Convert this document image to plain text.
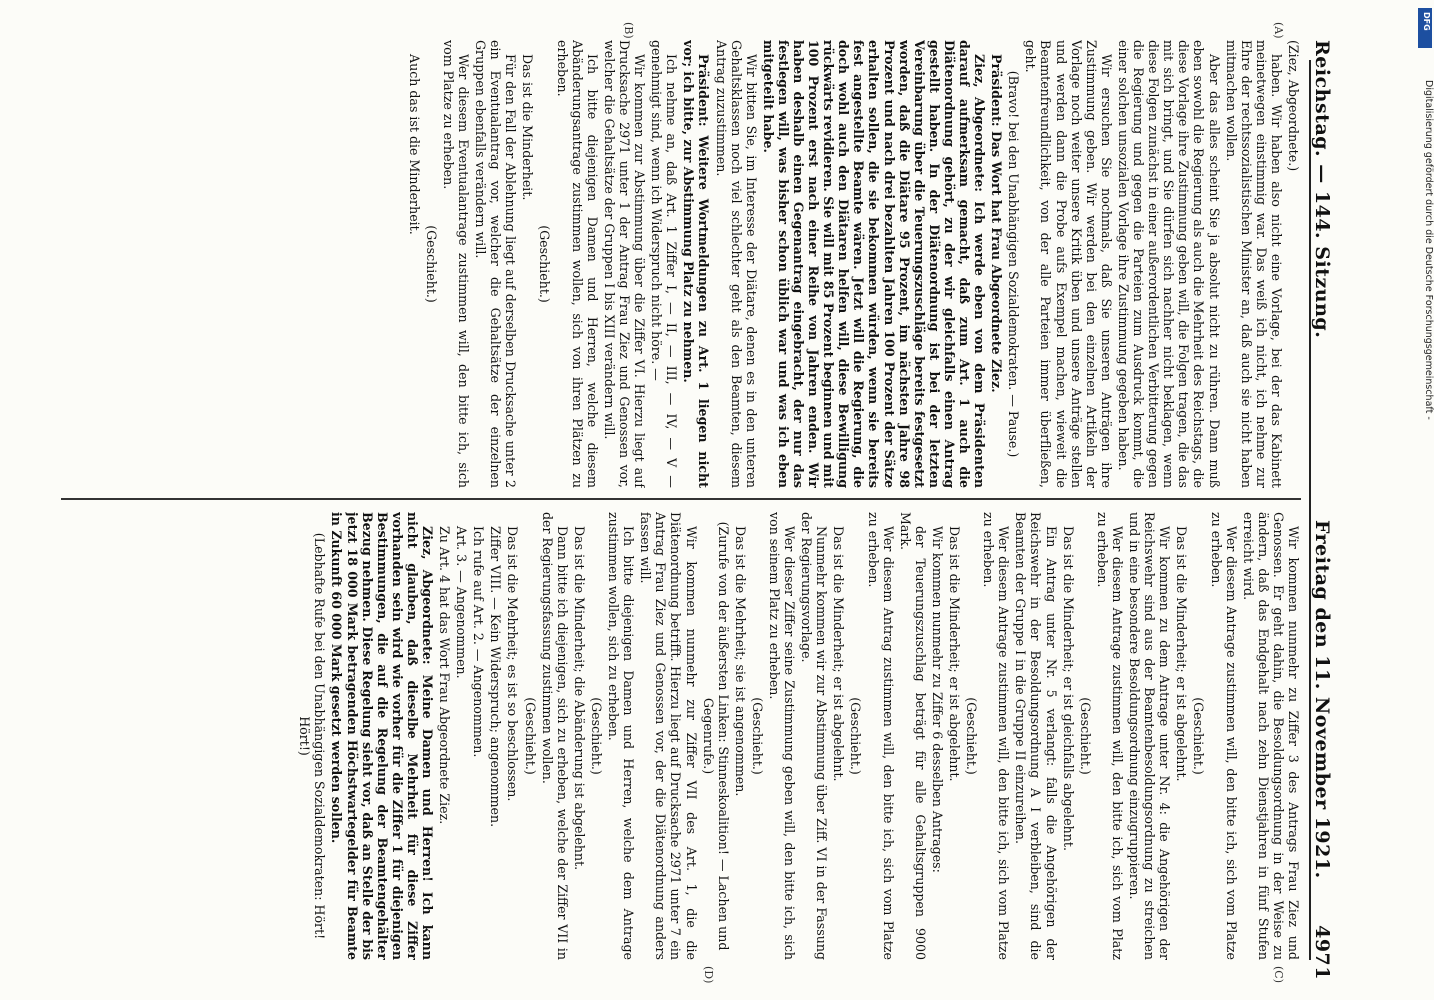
Reichstag. — 144. Sitzung.
Freitag den 11. November 1921.
4971
(A)
(B)
(C)
(D)

(Ziez, Abgeordnete.)

haben. Wir haben also nicht eine Vorlage, bei der das Kabinett meinetwegen einstimmig war. Das weiß ich nicht, ich nehme zur Ehre der rechtssozialistischen Minister an, daß auch sie nicht haben mitmachen wollen.

Aber das alles scheint Sie ja absolut nicht zu rühren. Dann muß eben sowohl die Regierung als auch die Mehrheit des Reichstags, die diese Vorlage ihre Zustimmung geben will, die Folgen tragen, die das mit sich bringt, und Sie dürfen sich nachher nicht beklagen, wenn diese Folgen zunächst in einer außerordentlichen Verbitterung gegen die Regierung und gegen die Parteien zum Ausdruck kommt, die einer solchen unsozialen Vorlage ihre Zustimmung gegeben haben.

Wir ersuchen Sie nochmals, daß Sie unseren Anträgen ihre Zustimmung geben. Wir werden bei den einzelnen Artikeln der Vorlage noch weiter unsere Kritik üben und unsere Anträge stellen und werden dann die Probe aufs Exempel machen, wieweit die Beamtenfreundlichkeit, von der alle Parteien immer überfließen, geht.

(Bravo! bei den Unabhängigen Sozialdemokraten. — Pause.)

Präsident: Das Wort hat Frau Abgeordnete Ziez.

Ziez, Abgeordnete: Ich werde eben von dem Präsidenten darauf aufmerksam gemacht, daß zum Art. 1 auch die Diätenordnung gehört, zu der wir gleichfalls einen Antrag gestellt haben. In der Diätenordnung ist bei der letzten Vereinbarung über die Teuerungszuschläge bereits festgesetzt worden, daß die Diätare 95 Prozent, im nächsten Jahre 98 Prozent und nach drei bezahlten Jahren 100 Prozent der Sätze erhalten sollen, die sie bekommen würden, wenn sie bereits fest angestellte Beamte wären. Jetzt will die Regierung, die doch wohl auch den Diätaren helfen will, diese Bewilligung rückwärts revidieren. Sie will mit 85 Prozent beginnen und mit 100 Prozent erst nach einer Reihe von Jahren enden. Wir haben deshalb einen Gegenantrag eingebracht, der nur das festlegen will, was bisher schon üblich war und was ich eben mitgeteilt habe.

Wir bitten Sie, im Interesse der Diätare, denen es in den unteren Gehaltsklassen noch viel schlechter geht als den Beamten, diesem Antrag zuzustimmen.

Präsident: Weitere Wortmeldungen zu Art. 1 liegen nicht vor; ich bitte, zur Abstimmung Platz zu nehmen.

Ich nehme an, daß Art. 1 Ziffer I, — II, — III, — IV, — V — genehmigt sind, wenn ich Widerspruch nicht höre. —

Wir kommen zur Abstimmung über die Ziffer VI. Hierzu liegt auf Drucksache 2971 unter 1 der Antrag Frau Ziez und Genossen vor, welcher die Gehaltsätze der Gruppen I bis XIII verändern will.

Ich bitte diejenigen Damen und Herren, welche diesem Abänderungsantrage zustimmen wollen, sich von ihren Plätzen zu erheben.

(Geschieht.)

Das ist die Minderheit.

Für den Fall der Ablehnung liegt auf derselben Drucksache unter 2 ein Eventualantrag vor, welcher die Gehaltsätze der einzelnen Gruppen ebenfalls verändern will.

Wer diesem Eventualantrage zustimmen will, den bitte ich, sich vom Platze zu erheben.

(Geschieht.)

Auch das ist die Minderheit.

Wir kommen nunmehr zu Ziffer 3 des Antrags Frau Ziez und Genossen. Er geht dahin, die Besoldungsordnung in der Weise zu ändern, daß das Endgehalt nach zehn Dienstjahren in fünf Stufen erreicht wird.

Wer diesem Antrage zustimmen will, den bitte ich, sich vom Platze zu erheben.

(Geschieht.)

Das ist die Minderheit; er ist abgelehnt.

Wir kommen zu dem Antrage unter Nr. 4: die Angehörigen der Reichswehr sind aus der Beamtenbesoldungsordnung zu streichen und in eine besondere Besoldungsordnung einzugruppieren.

Wer diesem Antrage zustimmen will, den bitte ich, sich vom Platz zu erheben.

(Geschieht.)

Das ist die Minderheit; er ist gleichfalls abgelehnt.

Ein Antrag unter Nr. 5 verlangt: falls die Angehörigen der Reichswehr in der Besoldungsordnung A I verbleiben, sind die Beamten der Gruppe I in die Gruppe II einzureihen.

Wer diesem Antrage zustimmen will, den bitte ich, sich vom Platze zu erheben.

(Geschieht.)

Das ist die Minderheit; er ist abgelehnt.

Wir kommen nunmehr zu Ziffer 6 desselben Antrages:

der Teuerungszuschlag beträgt für alle Gehaltsgruppen 9000 Mark.

Wer diesem Antrag zustimmen will, den bitte ich, sich vom Platze zu erheben.

(Geschieht.)

Das ist die Minderheit; er ist abgelehnt.

Nunmehr kommen wir zur Abstimmung über Ziff. VI in der Fassung der Regierungsvorlage.

Wer dieser Ziffer seine Zustimmung geben will, den bitte ich, sich von seinem Platz zu erheben.

(Geschieht.)

Das ist die Mehrheit; sie ist angenommen.

(Zurufe von der äußersten Linken: Stinneskoalition! — Lachen und Gegenrufe.)

Wir kommen nunmehr zur Ziffer VII des Art. 1, die die Diätenordnung betrifft. Hierzu liegt auf Drucksache 2971 unter 7 ein Antrag Frau Ziez und Genossen vor, der die Diätenordnung anders fassen will.

Ich bitte diejenigen Damen und Herren, welche dem Antrage zustimmen wollen, sich zu erheben.

(Geschieht.)

Das ist die Minderheit; die Abänderung ist abgelehnt.

Dann bitte ich diejenigen, sich zu erheben, welche der Ziffer VII in der Regierungsfassung zustimmen wollen.

(Geschieht.)

Das ist die Mehrheit; es ist so beschlossen.

Ziffer VIII. — Kein Widerspruch; angenommen.

Ich rufe auf Art. 2. — Angenommen.

Art. 3. — Angenommen.

Zu Art. 4 hat das Wort Frau Abgeordnete Ziez.

Ziez, Abgeordnete: Meine Damen und Herren! Ich kann nicht glauben, daß dieselbe Mehrheit für diese Ziffer vorhanden sein wird wie vorher für die Ziffer 1 für diejenigen Bestimmungen, die auf die Regelung der Beamtengehälter Bezug nehmen. Diese Regelung sieht vor, daß an Stelle der bis jetzt 18 000 Mark betragenden Höchstwartegelder für Beamte in Zukunft 60 000 Mark gesetzt werden sollen.

(Lebhafte Rufe bei den Unabhängigen Sozialdemokraten: Hört! Hört!)

DFG
Digitalisierung gefördert durch die Deutsche Forschungsgemeinschaft -
